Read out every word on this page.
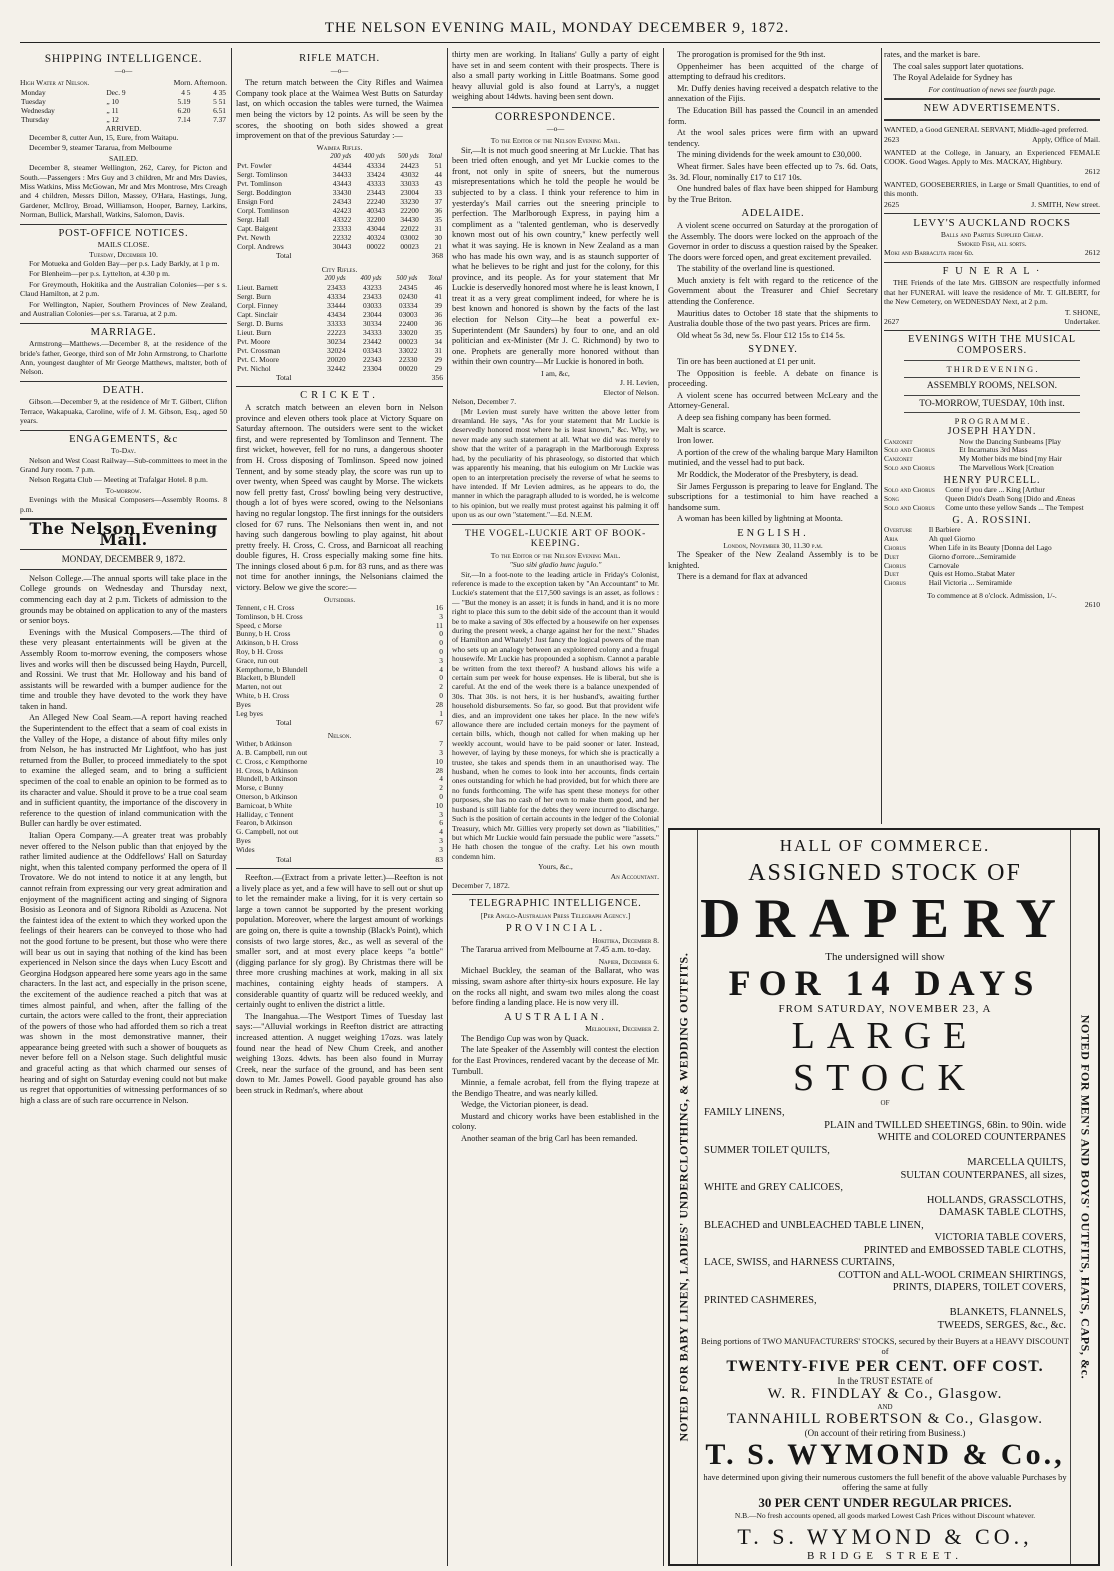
THE NELSON EVENING MAIL, MONDAY DECEMBER 9, 1872.
SHIPPING INTELLIGENCE.
—o—
High Water at Nelson.	Morn. Afternoon.
Monday	Dec. 9	4 5	4 35
Tuesday	„ 10	5.19	5 51
Wednesday	„ 11	6.20	6.51
Thursday	„ 12	7.14	7.37
ARRIVED.

December 8, cutter Aun, 15, Eure, from Waitapu.

December 9, steamer Tararua, from Melbourne

SAILED.

December 8, steamer Wellington, 262, Carey, for Picton and South.—Passengers : Mrs Guy and 3 children, Mr and Mrs Davies, Miss Watkins, Miss McGowan, Mr and Mrs Montrose, Mrs Creagh and 4 children, Messrs Dillon, Massey, O'Hara, Hastings, Jung, Gardener, McIlroy, Broad, Williamson, Hooper, Barney, Larkins, Norman, Bullick, Marshall, Watkins, Salomon, Davis.

POST-OFFICE NOTICES.
MAILS CLOSE.
Tuesday, December 10.

For Motueka and Golden Bay—per p.s. Lady Barkly, at 1 p m.

For Blenheim—per p.s. Lyttelton, at 4.30 p m.

For Greymouth, Hokitika and the Australian Colonies—per s s. Claud Hamilton, at 2 p.m.

For Wellington, Napier, Southern Provinces of New Zealand, and Australian Colonies—per s.s. Tararua, at 2 p.m.

MARRIAGE.

Armstrong—Matthews.—December 8, at the residence of the bride's father, George, third son of Mr John Armstrong, to Charlotte Ann, youngest daughter of Mr George Matthews, maltster, both of Nelson.

DEATH.

Gibson.—December 9, at the residence of Mr T. Gilbert, Clifton Terrace, Wakapuaka, Caroline, wife of J. M. Gibson, Esq., aged 50 years.

ENGAGEMENTS, &c
To-Day.

Nelson and West Coast Railway—Sub-committees to meet in the Grand Jury room. 7 p.m.

Nelson Regatta Club — Meeting at Trafalgar Hotel. 8 p.m.

To-morrow.

Evenings with the Musical Composers—Assembly Rooms. 8 p.m.

The Nelson Evening Mail.
MONDAY, DECEMBER 9, 1872.

Nelson College.—The annual sports will take place in the College grounds on Wednesday and Thursday next, commencing each day at 2 p.m. Tickets of admission to the grounds may be obtained on application to any of the masters or senior boys.

Evenings with the Musical Composers.—The third of these very pleasant entertainments will be given at the Assembly Room to-morrow evening, the composers whose lives and works will then be discussed being Haydn, Purcell, and Rossini. We trust that Mr. Holloway and his band of assistants will be rewarded with a bumper audience for the time and trouble they have devoted to the work they have taken in hand.

An Alleged New Coal Seam.—A report having reached the Superintendent to the effect that a seam of coal exists in the Valley of the Hope, a distance of about fifty miles only from Nelson, he has instructed Mr Lightfoot, who has just returned from the Buller, to proceed immediately to the spot to examine the alleged seam, and to bring a sufficient specimen of the coal to enable an opinion to be formed as to its character and value. Should it prove to be a true coal seam and in sufficient quantity, the importance of the discovery in reference to the question of inland communication with the Buller can hardly be over estimated.

Italian Opera Company.—A greater treat was probably never offered to the Nelson public than that enjoyed by the rather limited audience at the Oddfellows' Hall on Saturday night, when this talented company performed the opera of Il Trovatore. We do not intend to notice it at any length, but cannot refrain from expressing our very great admiration and enjoyment of the magnificent acting and singing of Signora Bosisio as Leonora and of Signora Riboldi as Azucena. Not the faintest idea of the extent to which they worked upon the feelings of their hearers can be conveyed to those who had not the good fortune to be present, but those who were there will bear us out in saying that nothing of the kind has been experienced in Nelson since the days when Lucy Escott and Georgina Hodgson appeared here some years ago in the same characters. In the last act, and especially in the prison scene, the excitement of the audience reached a pitch that was at times almost painful, and when, after the falling of the curtain, the actors were called to the front, their appreciation of the powers of those who had afforded them so rich a treat was shown in the most demonstrative manner, their appearance being greeted with such a shower of bouquets as never before fell on a Nelson stage. Such delightful music and graceful acting as that which charmed our senses of hearing and of sight on Saturday evening could not but make us regret that opportunities of witnessing performances of so high a class are of such rare occurrence in Nelson.

RIFLE MATCH.
—o—

The return match between the City Rifles and Waimea Company took place at the Waimea West Butts on Saturday last, on which occasion the tables were turned, the Waimea men being the victors by 12 points. As will be seen by the scores, the shooting on both sides showed a great improvement on that of the previous Saturday :—

Waimea Rifles.
	200 yds	400 yds	500 yds	Total
Pvt. Fowler	44344	43334	24423	51
Sergt. Tomlinson	34433	33424	43032	44
Pvt. Tomlinson	43443	43333	33033	43
Sergt. Boddington	33430	23443	23004	33
Ensign Ford	24343	22240	33230	37
Corpl. Tomlinson	42423	40343	22200	36
Sergt. Hall	43322	32200	34430	35
Capt. Baigent	23333	43044	22022	31
Pvt. Newth	22332	40324	03002	30
Corpl. Andrews	30443	00022	00023	21
Total	368
City Rifles.
	200 yds	400 yds	500 yds	Total
Lieut. Barnett	23433	43233	24345	46
Sergt. Burn	43334	23433	02430	41
Corpl. Finney	33444	03033	03334	39
Capt. Sinclair	43434	23044	03003	36
Sergt. D. Burns	33333	30334	22400	36
Lieut. Burn	22223	34333	33020	35
Pvt. Moore	30234	23442	00023	34
Pvt. Crossman	32024	03343	33022	31
Pvt. C. Moore	20020	22343	22330	29
Pvt. Nichol	32442	23304	00020	29
Total	356
CRICKET.

A scratch match between an eleven born in Nelson province and eleven others took place at Victory Square on Saturday afternoon. The outsiders were sent to the wicket first, and were represented by Tomlinson and Tennent. The first wicket, however, fell for no runs, a dangerous shooter from H. Cross disposing of Tomlinson. Speed now joined Tennent, and by some steady play, the score was run up to over twenty, when Speed was caught by Morse. The wickets now fell pretty fast, Cross' bowling being very destructive, though a lot of byes were scored, owing to the Nelsonians having no regular longstop. The first innings for the outsiders closed for 67 runs. The Nelsonians then went in, and not having such dangerous bowling to play against, hit about pretty freely. H. Cross, C. Cross, and Barnicoat all reaching double figures, H. Cross especially making some fine hits. The innings closed about 6 p.m. for 83 runs, and as there was not time for another innings, the Nelsonians claimed the victory. Below we give the score:—

Outsiders.
Tennent, c H. Cross	16
Tomlinson, b H. Cross	3
Speed, c Morse	11
Bunny, b H. Cross	0
Atkinson, b H. Cross	0
Roy, b H. Cross	0
Grace, run out	3
Kempthorne, b Blundell	4
Blackett, b Blundell	0
Marten, not out	2
White, b H. Cross	0
Byes	28
Leg byes	1
Total	67
Nelson.
Wither, b Atkinson	7
A. B. Campbell, run out	3
C. Cross, c Kempthorne	10
H. Cross, b Atkinson	28
Blundell, b Atkinson	4
Morse, c Bunny	2
Otterson, b Atkinson	0
Barnicoat, b White	10
Halliday, c Tennent	3
Fearon, b Atkinson	6
G. Campbell, not out	4
Byes	3
Wides	3
Total	83

Reefton.—(Extract from a private letter.)—Reefton is not a lively place as yet, and a few will have to sell out or shut up to let the remainder make a living, for it is very certain so large a town cannot be supported by the present working population. Moreover, where the largest amount of workings are going on, there is quite a township (Black's Point), which consists of two large stores, &c., as well as several of the smaller sort, and at most every place keeps "a bottle" (digging parlance for sly grog). By Christmas there will be three more crushing machines at work, making in all six machines, containing eighty heads of stampers. A considerable quantity of quartz will be reduced weekly, and certainly ought to enliven the district a little.

The Inangahua.—The Westport Times of Tuesday last says:—"Alluvial workings in Reefton district are attracting increased attention. A nugget weighing 17ozs. was lately found near the head of New Chum Creek, and another weighing 13ozs. 4dwts. has been also found in Murray Creek, near the surface of the ground, and has been sent down to Mr. James Powell. Good payable ground has also been struck in Redman's, where about

thirty men are working. In Italians' Gully a party of eight have set in and seem content with their prospects. There is also a small party working in Little Boatmans. Some good heavy alluvial gold is also found at Larry's, a nugget weighing about 14dwts. having been sent down.

CORRESPONDENCE.
—o—
To the Editor of the Nelson Evening Mail.

Sir,—It is not much good sneering at Mr Luckie. That has been tried often enough, and yet Mr Luckie comes to the front, not only in spite of sneers, but the numerous misrepresentations which he told the people he would be subjected to by a class. I think your reference to him in yesterday's Mail carries out the sneering principle to perfection. The Marlborough Express, in paying him a compliment as a "talented gentleman, who is deservedly known most out of his own country," knew perfectly well what it was saying. He is known in New Zealand as a man who has made his own way, and is as staunch supporter of what he believes to be right and just for the colony, for this province, and its people. As for your statement that Mr Luckie is deservedly honored most where he is least known, I treat it as a very great compliment indeed, for where he is best known and honored is shown by the facts of the last election for Nelson City—he beat a powerful ex-Superintendent (Mr Saunders) by four to one, and an old politician and ex-Minister (Mr J. C. Richmond) by two to one. Prophets are generally more honored without than within their own country—Mr Luckie is honored in both.

I am, &c,
J. H. Levien,
Elector of Nelson.
Nelson, December 7.

[Mr Levien must surely have written the above letter from dreamland. He says, "As for your statement that Mr Luckie is deservedly honored most where he is least known," &c. Why, we never made any such statement at all. What we did was merely to show that the writer of a paragraph in the Marlborough Express had, by the peculiarity of his phraseology, so distorted that which was apparently his meaning, that his eulogium on Mr Luckie was open to an interpretation precisely the reverse of what he seems to have intended. If Mr Levien admires, as he appears to do, the manner in which the paragraph alluded to is worded, he is welcome to his opinion, but we really must protest against his palming it off upon us as our own "statement."—Ed. N.E.M.

THE VOGEL-LUCKIE ART OF BOOK-KEEPING.
To the Editor of the Nelson Evening Mail.
"Suo sibi gladio hunc jugulo."

Sir,—In a foot-note to the leading article in Friday's Colonist, reference is made to the exception taken by "An Accountant" to Mr. Luckie's statement that the £17,500 savings is an asset, as follows :— "But the money is an asset; it is funds in hand, and it is no more right to place this sum to the debit side of the account than it would be to make a saving of 30s effected by a housewife on her expenses during the present week, a charge against her for the next." Shades of Hamilton and Whately! Just fancy the logical powers of the man who sets up an analogy between an exploitered colony and a frugal housewife. Mr Luckie has propounded a sophism. Cannot a parable be written from the text thereof? A husband allows his wife a certain sum per week for house expenses. He is liberal, but she is careful. At the end of the week there is a balance unexpended of 30s. That 30s. is not hers, it is her husband's, awaiting further household disbursements. So far, so good. But that provident wife dies, and an improvident one takes her place. In the new wife's allowance there are included certain moneys for the payment of certain bills, which, though not called for when making up her weekly account, would have to be paid sooner or later. Instead, however, of laying by these moneys, for which she is practically a trustee, she takes and spends them in an unauthorised way. The husband, when he comes to look into her accounts, finds certain ones outstanding for which he had provided, but for which there are no funds forthcoming. The wife has spent these moneys for other purposes, she has no cash of her own to make them good, and her husband is still liable for the debts they were incurred to discharge. Such is the position of certain accounts in the ledger of the Colonial Treasury, which Mr. Gillies very properly set down as "liabilities," but which Mr Luckie would fain persuade the public were "assets." He hath chosen the tongue of the crafty. Let his own mouth condemn him.

Yours, &c.,
An Accountant.
December 7, 1872.
TELEGRAPHIC INTELLIGENCE.
[Per Anglo-Australian Press Telegraph Agency.]
PROVINCIAL.
Hokitika, December 8.

The Tararua arrived from Melbourne at 7.45 a.m. to-day.

Napier, December 6.

Michael Buckley, the seaman of the Ballarat, who was missing, swam ashore after thirty-six hours exposure. He lay on the rocks all night, and swam two miles along the coast before finding a landing place. He is now very ill.

AUSTRALIAN.
Melbourne, December 2.

The Bendigo Cup was won by Quack.

The late Speaker of the Assembly will contest the election for the East Provinces, rendered vacant by the decease of Mr. Turnbull.

Minnie, a female acrobat, fell from the flying trapeze at the Bendigo Theatre, and was nearly killed.

Wedge, the Victorian pioneer, is dead.

Mustard and chicory works have been established in the colony.

Another seaman of the brig Carl has been remanded.

The prorogation is promised for the 9th inst.

Oppenheimer has been acquitted of the charge of attempting to defraud his creditors.

Mr. Duffy denies having received a despatch relative to the annexation of the Fijis.

The Education Bill has passed the Council in an amended form.

At the wool sales prices were firm with an upward tendency.

The mining dividends for the week amount to £30,000.

Wheat firmer. Sales have been effected up to 7s. 6d. Oats, 3s. 3d. Flour, nominally £17 to £17 10s.

One hundred bales of flax have been shipped for Hamburg by the True Briton.

ADELAIDE.

A violent scene occurred on Saturday at the prorogation of the Assembly. The doors were locked on the approach of the Governor in order to discuss a question raised by the Speaker. The doors were forced open, and great excitement prevailed.

The stability of the overland line is questioned.

Much anxiety is felt with regard to the reticence of the Government about the Treasurer and Chief Secretary attending the Conference.

Mauritius dates to October 18 state that the shipments to Australia double those of the two past years. Prices are firm.

Old wheat 5s 3d, new 5s. Flour £12 15s to £14 5s.

SYDNEY.

Tin ore has been auctioned at £1 per unit.

The Opposition is feeble. A debate on finance is proceeding.

A violent scene has occurred between McLeary and the Attorney-General.

A deep sea fishing company has been formed.

Malt is scarce.

Iron lower.

A portion of the crew of the whaling barque Mary Hamilton mutinied, and the vessel had to put back.

Mr Roddick, the Moderator of the Presbytery, is dead.

Sir James Fergusson is preparing to leave for England. The subscriptions for a testimonial to him have reached a handsome sum.

A woman has been killed by lightning at Moonta.

ENGLISH.
London, November 30, 11.30 p.m.

The Speaker of the New Zealand Assembly is to be knighted.

There is a demand for flax at advanced

rates, and the market is bare.

The coal sales support later quotations.

The Royal Adelaide for Sydney has

For continuation of news see fourth page.
NEW ADVERTISEMENTS.

WANTED, a Good GENERAL SERVANT, Middle-aged preferred.

2623	Apply, Office of Mail.

WANTED at the College, in January, an Experienced FEMALE COOK. Good Wages. Apply to Mrs. MACKAY, Highbury.

2612

WANTED, GOOSEBERRIES, in Large or Small Quantities, to end of this month.

2625	J. SMITH, New street.
LEVY'S AUCKLAND ROCKS
Balls and Parties Supplied Cheap.
Smoked Fish, all sorts.
Moki and Barracuta from 6d.	2612
F U N E R A L ·

THE Friends of the late Mrs. GIBSON are respectfully informed that her FUNERAL will leave the residence of Mr. T. GILBERT, for the New Cemetery, on WEDNESDAY Next, at 2 p.m.

T. SHONE,
2627	Undertaker.
EVENINGS WITH THE MUSICAL COMPOSERS.
T H I R D E V E N I N G .
ASSEMBLY ROOMS, NELSON.
TO-MORROW, TUESDAY, 10th inst.
P R O G R A M M E .
JOSEPH HAYDN.
Canzonet	Now the Dancing Sunbeams [Play
Solo and Chorus	Et Incarnatus 3rd Mass
Canzonet	My Mother bids me bind [my Hair
Solo and Chorus	The Marvellous Work [Creation
HENRY PURCELL.
Solo and Chorus	Come if you dare ... King [Arthur
Song	Queen Dido's Death Song [Dido and Æneas
Solo and Chorus	Come unto these yellow Sands ... The Tempest
G. A. ROSSINI.
Overture	Il Barbiere
Aria	Ah quel Giorno
Chorus	When Life in its Beauty [Donna del Lago
Duet	Giorno d'orrore...Semiramide
Chorus	Carnovale
Duet	Quis est Homo..Stabat Mater
Chorus	Hail Victoria ... Semiramide
To commence at 8 o'clock. Admission, 1/-.
2610
NOTED FOR BABY LINEN, LADIES' UNDERCLOTHING, & WEDDING OUTFITS.
HALL OF COMMERCE.
ASSIGNED STOCK OF
DRAPERY
The undersigned will show
FOR 14 DAYS
FROM SATURDAY, NOVEMBER 23, A
LARGE STOCK
OF
FAMILY LINENS,
PLAIN and TWILLED SHEETINGS, 68in. to 90in. wide
WHITE and COLORED COUNTERPANES
SUMMER TOILET QUILTS,
MARCELLA QUILTS,
SULTAN COUNTERPANES, all sizes,
WHITE and GREY CALICOES,
HOLLANDS, GRASSCLOTHS,
DAMASK TABLE CLOTHS,
BLEACHED and UNBLEACHED TABLE LINEN,
VICTORIA TABLE COVERS,
PRINTED and EMBOSSED TABLE CLOTHS,
LACE, SWISS, and HARNESS CURTAINS,
COTTON and ALL-WOOL CRIMEAN SHIRTINGS,
PRINTS, DIAPERS, TOILET COVERS,
PRINTED CASHMERES,
BLANKETS, FLANNELS,
TWEEDS, SERGES, &c., &c.
Being portions of TWO MANUFACTURERS' STOCKS, secured by their Buyers at a HEAVY DISCOUNT of
TWENTY-FIVE PER CENT. OFF COST.
In the TRUST ESTATE of
W. R. FINDLAY & Co., Glasgow.
AND
TANNAHILL ROBERTSON & Co., Glasgow.
(On account of their retiring from Business.)
T. S. WYMOND & Co.,
have determined upon giving their numerous customers the full benefit of the above valuable Purchases by offering the same at fully
30 PER CENT UNDER REGULAR PRICES.
N.B.—No fresh accounts opened, all goods marked Lowest Cash Prices without Discount whatever.
T. S. WYMOND & CO.,
BRIDGE STREET.
NOTED FOR MEN'S AND BOYS' OUTFITS, HATS, CAPS, &c.
